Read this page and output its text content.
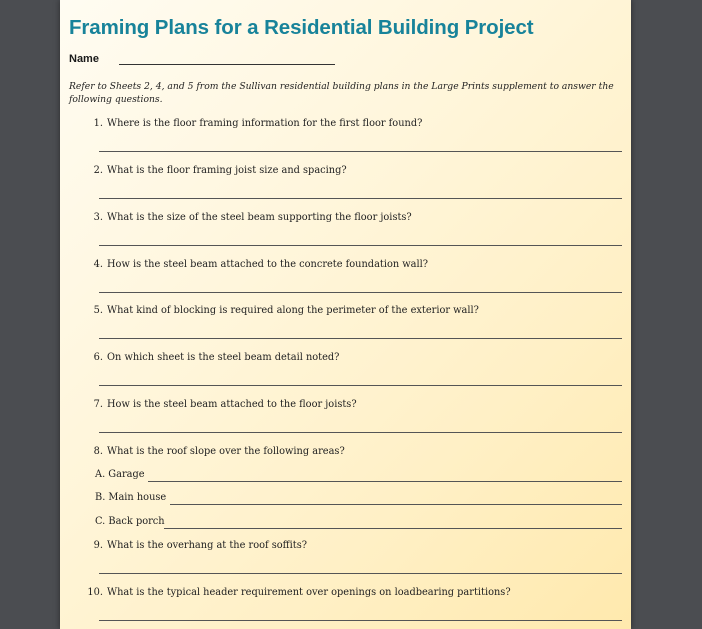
Framing Plans for a Residential Building Project
Name
Refer to Sheets 2, 4, and 5 from the Sullivan residential building plans in the Large Prints supplement to answer the following questions.
1. Where is the floor framing information for the first floor found?
2. What is the floor framing joist size and spacing?
3. What is the size of the steel beam supporting the floor joists?
4. How is the steel beam attached to the concrete foundation wall?
5. What kind of blocking is required along the perimeter of the exterior wall?
6. On which sheet is the steel beam detail noted?
7. How is the steel beam attached to the floor joists?
8. What is the roof slope over the following areas?
A. Garage
B. Main house
C. Back porch
9. What is the overhang at the roof soffits?
10. What is the typical header requirement over openings on loadbearing partitions?
